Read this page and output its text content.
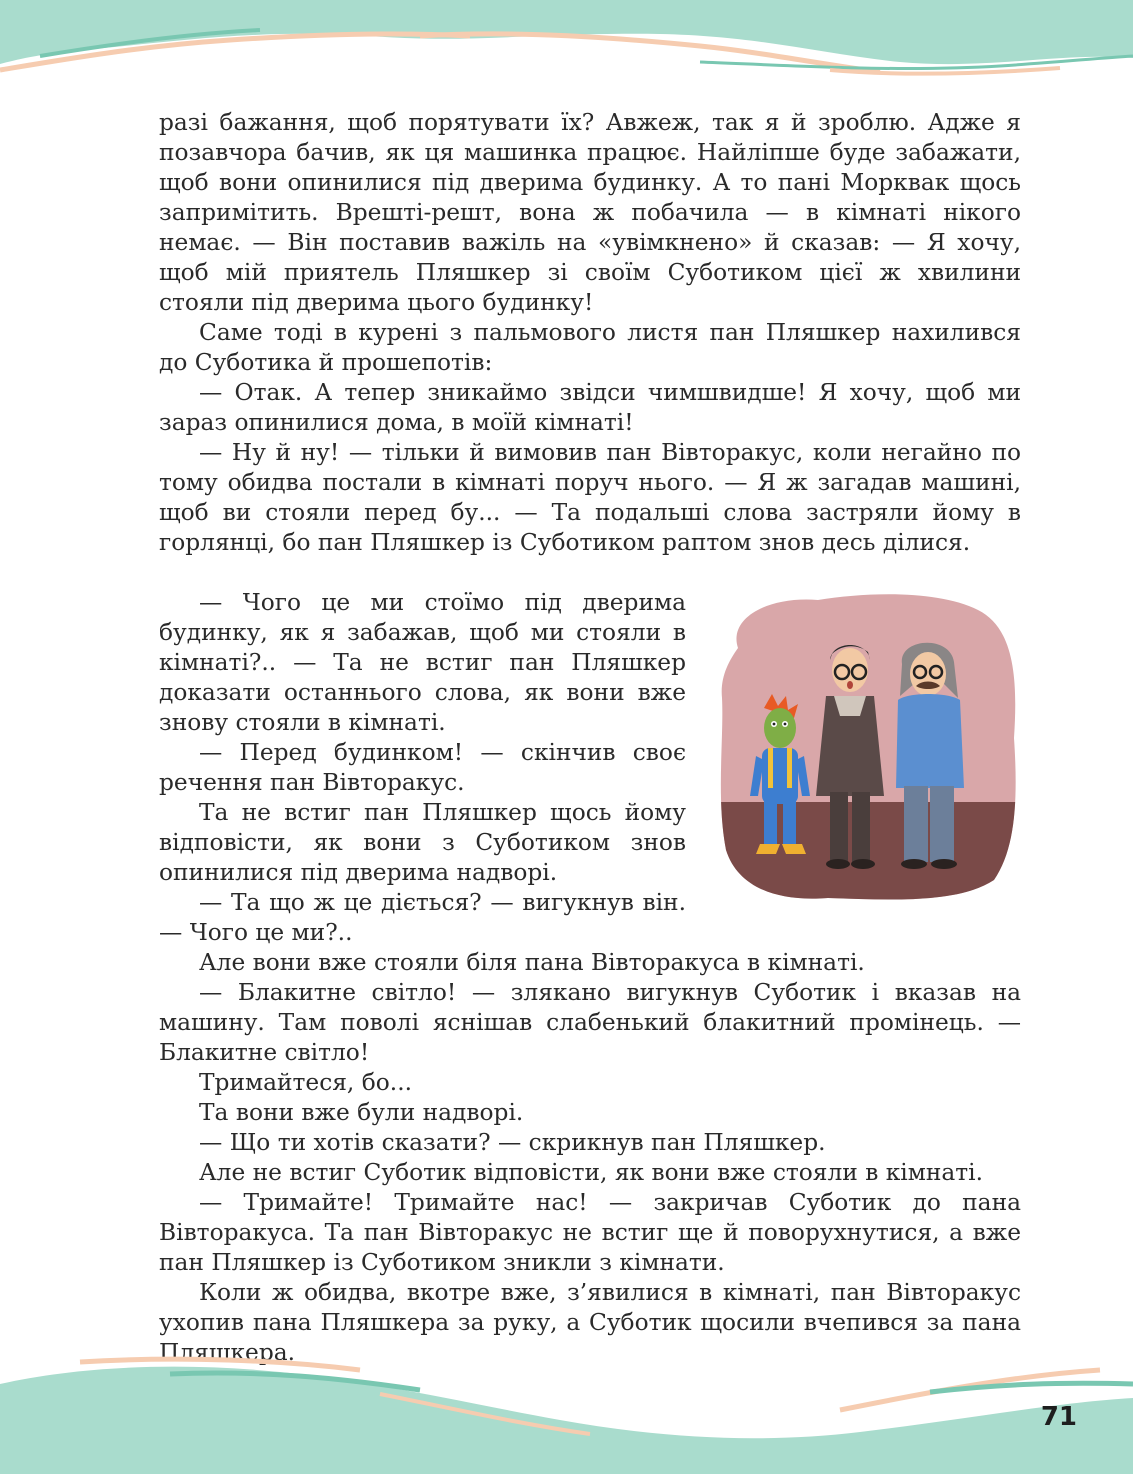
разі бажання, щоб порятувати їх? Авжеж, так я й зроблю. Адже я позавчора бачив, як ця машинка працює. Найліпше буде забажати, щоб вони опинилися під дверима будинку. А то пані Морквак щось запримітить. Врешті-решт, вона ж побачила — в кімнаті нікого немає. — Він поставив важіль на «увімкнено» й сказав: — Я хочу, щоб мій приятель Пляшкер зі своїм Суботиком цієї ж хвилини стояли під дверима цього будинку!

Саме тоді в курені з пальмового листя пан Пляшкер нахилився до Суботика й прошепотів:

— Отак. А тепер зникаймо звідси чимшвидше! Я хочу, щоб ми зараз опинилися дома, в моїй кімнаті!

— Ну й ну! — тільки й вимовив пан Вівторакус, коли негайно по тому обидва постали в кімнаті поруч нього. — Я ж загадав машині, щоб ви стояли перед бу... — Та подальші слова застряли йому в горлянці, бо пан Пляшкер із Суботиком раптом знов десь ділися.

— Чого це ми стоїмо під дверима будинку, як я забажав, щоб ми стояли в кімнаті?.. — Та не встиг пан Пляшкер доказати останнього слова, як вони вже знову стояли в кімнаті.

— Перед будинком! — скінчив своє речення пан Вівторакус.

Та не встиг пан Пляшкер щось йому відповісти, як вони з Суботиком знов опинилися під дверима надворі.

— Та що ж це діється? — вигукнув він. — Чого це ми?..

Але вони вже стояли біля пана Вівторакуса в кімнаті.

— Блакитне світло! — злякано вигукнув Суботик і вказав на машину. Там поволі яснішав слабенький блакитний промінець. — Блакитне світло!

Тримайтеся, бо...

Та вони вже були надворі.

— Що ти хотів сказати? — скрикнув пан Пляшкер.

Але не встиг Суботик відповісти, як вони вже стояли в кімнаті.

— Тримайте! Тримайте нас! — закричав Суботик до пана Вівторакуса. Та пан Вівторакус не встиг ще й поворухнутися, а вже пан Пляшкер із Суботиком зникли з кімнати.

Коли ж обидва, вкотре вже, з’явилися в кімнаті, пан Вівторакус ухопив пана Пляшкера за руку, а Суботик щосили вчепився за пана Пляшкера.

71
